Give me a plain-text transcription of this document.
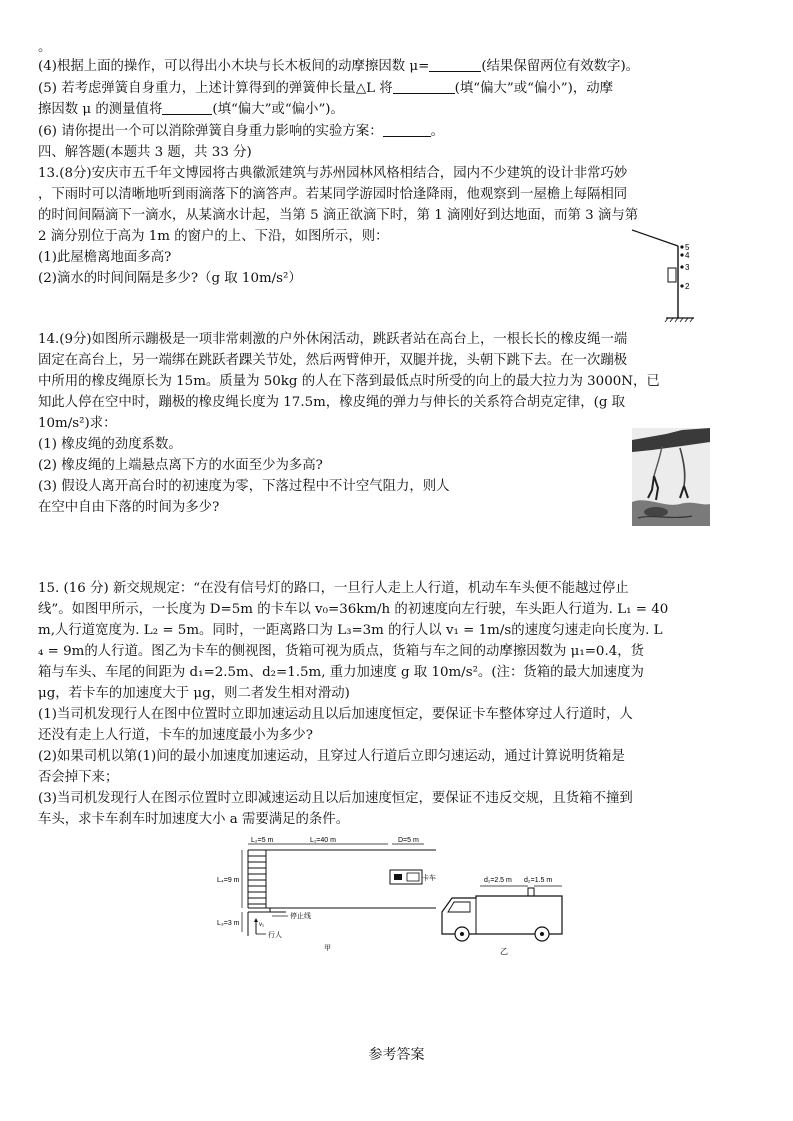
。
(4)根据上面的操作，可以得出小木块与长木板间的动摩擦因数 μ=	(结果保留两位有效数字)。
(5) 若考虑弹簧自身重力，上述计算得到的弹簧伸长量△L 将	(填“偏大”或“偏小”)，动摩
擦因数 μ 的测量值将	(填“偏大”或“偏小”)。
(6) 请你提出一个可以消除弹簧自身重力影响的实验方案：	。
四、解答题(本题共 3 题，共 33 分)
13.(8分)安庆市五千年文博园将古典徽派建筑与苏州园林风格相结合，园内不少建筑的设计非常巧妙
，下雨时可以清晰地听到雨滴落下的滴答声。若某同学游园时恰逢降雨，他观察到一屋檐上每隔相同
的时间间隔滴下一滴水，从某滴水计起，当第 5 滴正欲滴下时，第 1 滴刚好到达地面，而第 3 滴与第
2 滴分别位于高为 1m 的窗户的上、下沿，如图所示，则：
(1)此屋檐离地面多高?
(2)滴水的时间间隔是多少?（g 取 10m/s²）
5
4
3
2
14.(9分)如图所示蹦极是一项非常刺激的户外休闲活动，跳跃者站在高台上，一根长长的橡皮绳一端
固定在高台上，另一端绑在跳跃者踝关节处，然后两臂伸开，双腿并拢，头朝下跳下去。在一次蹦极
中所用的橡皮绳原长为 15m。质量为 50kg 的人在下落到最低点时所受的向上的最大拉力为 3000N，已
知此人停在空中时，蹦极的橡皮绳长度为 17.5m，橡皮绳的弹力与伸长的关系符合胡克定律，(g 取
10m/s²)求：
(1) 橡皮绳的劲度系数。
(2) 橡皮绳的上端悬点离下方的水面至少为多高?
(3) 假设人离开高台时的初速度为零，下落过程中不计空气阻力，则人
在空中自由下落的时间为多少?
15. (16 分) 新交规规定：“在没有信号灯的路口，一旦行人走上人行道，机动车车头便不能越过停止
线”。如图甲所示，一长度为 D=5m 的卡车以 v₀=36km/h 的初速度向左行驶，车头距人行道为. L₁ = 40
m,人行道宽度为. L₂ = 5m。同时，一距离路口为 L₃=3m 的行人以 v₁ = 1m/s的速度匀速走向长度为. L
₄ = 9m的人行道。图乙为卡车的侧视图，货箱可视为质点，货箱与车之间的动摩擦因数为 μ₁=0.4，货
箱与车头、车尾的间距为 d₁=2.5m、d₂=1.5m, 重力加速度 g 取 10m/s²。(注：货箱的最大加速度为
μg，若卡车的加速度大于 μg，则二者发生相对滑动)
(1)当司机发现行人在图中位置时立即加速运动且以后加速度恒定，要保证卡车整体穿过人行道时，人
还没有走上人行道，卡车的加速度最小为多少?
(2)如果司机以第(1)问的最小加速度加速运动，且穿过人行道后立即匀速运动，通过计算说明货箱是
否会掉下来；
(3)当司机发现行人在图示位置时立即减速运动且以后加速度恒定，要保证不违反交规，且货箱不撞到
车头，求卡车刹车时加速度大小 a 需要满足的条件。
L₂=5 m	L₁=40 m	D=5 m
卡车
L₄=9 m
L₃=3 m
停止线
v₁
行人
甲
d₁=2.5 m d₂=1.5 m
乙
参考答案
